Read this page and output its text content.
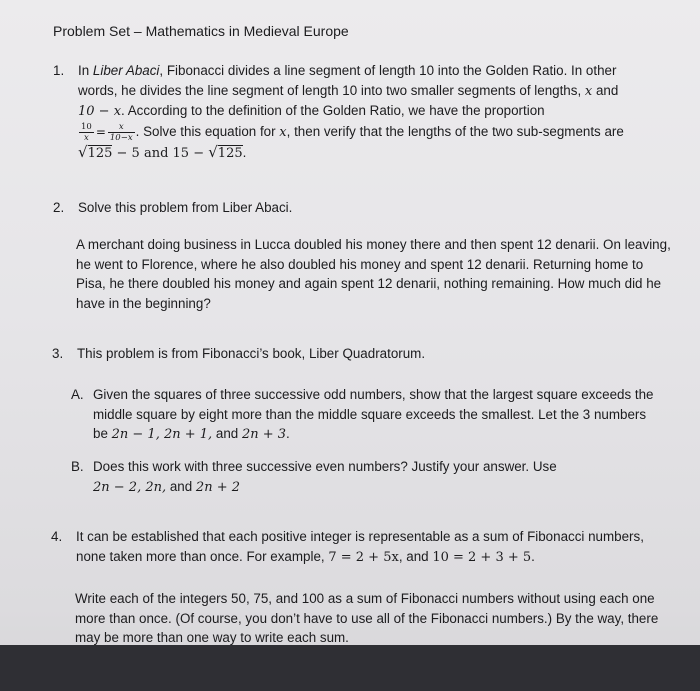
Problem Set – Mathematics in Medieval Europe
1. In Liber Abaci, Fibonacci divides a line segment of length 10 into the Golden Ratio. In other words, he divides the line segment of length 10 into two smaller segments of lengths, x and
10 − x. According to the definition of the Golden Ratio, we have the proportion

$\frac{10}{x} = \frac{x}{10-x}$ . Solve this equation for x, then verify that the lengths of the two sub-segments are
√125 − 5 and 15 − √125.
2. Solve this problem from Liber Abaci.
A merchant doing business in Lucca doubled his money there and then spent 12 denarii. On leaving, he went to Florence, where he also doubled his money and spent 12 denarii. Returning home to Pisa, he there doubled his money and again spent 12 denarii, nothing remaining. How much did he have in the beginning?
3. This problem is from Fibonacci’s book, Liber Quadratorum.
A. Given the squares of three successive odd numbers, show that the largest square exceeds the middle square by eight more than the middle square exceeds the smallest. Let the 3 numbers be 2n − 1, 2n + 1, and 2n + 3.
B. Does this work with three successive even numbers? Justify your answer. Use
2n − 2, 2n, and 2n + 2
4. It can be established that each positive integer is representable as a sum of Fibonacci numbers, none taken more than once. For example, 7 = 2 + 5x, and 10 = 2 + 3 + 5.
Write each of the integers 50, 75, and 100 as a sum of Fibonacci numbers without using each one more than once. (Of course, you don’t have to use all of the Fibonacci numbers.) By the way, there may be more than one way to write each sum.
